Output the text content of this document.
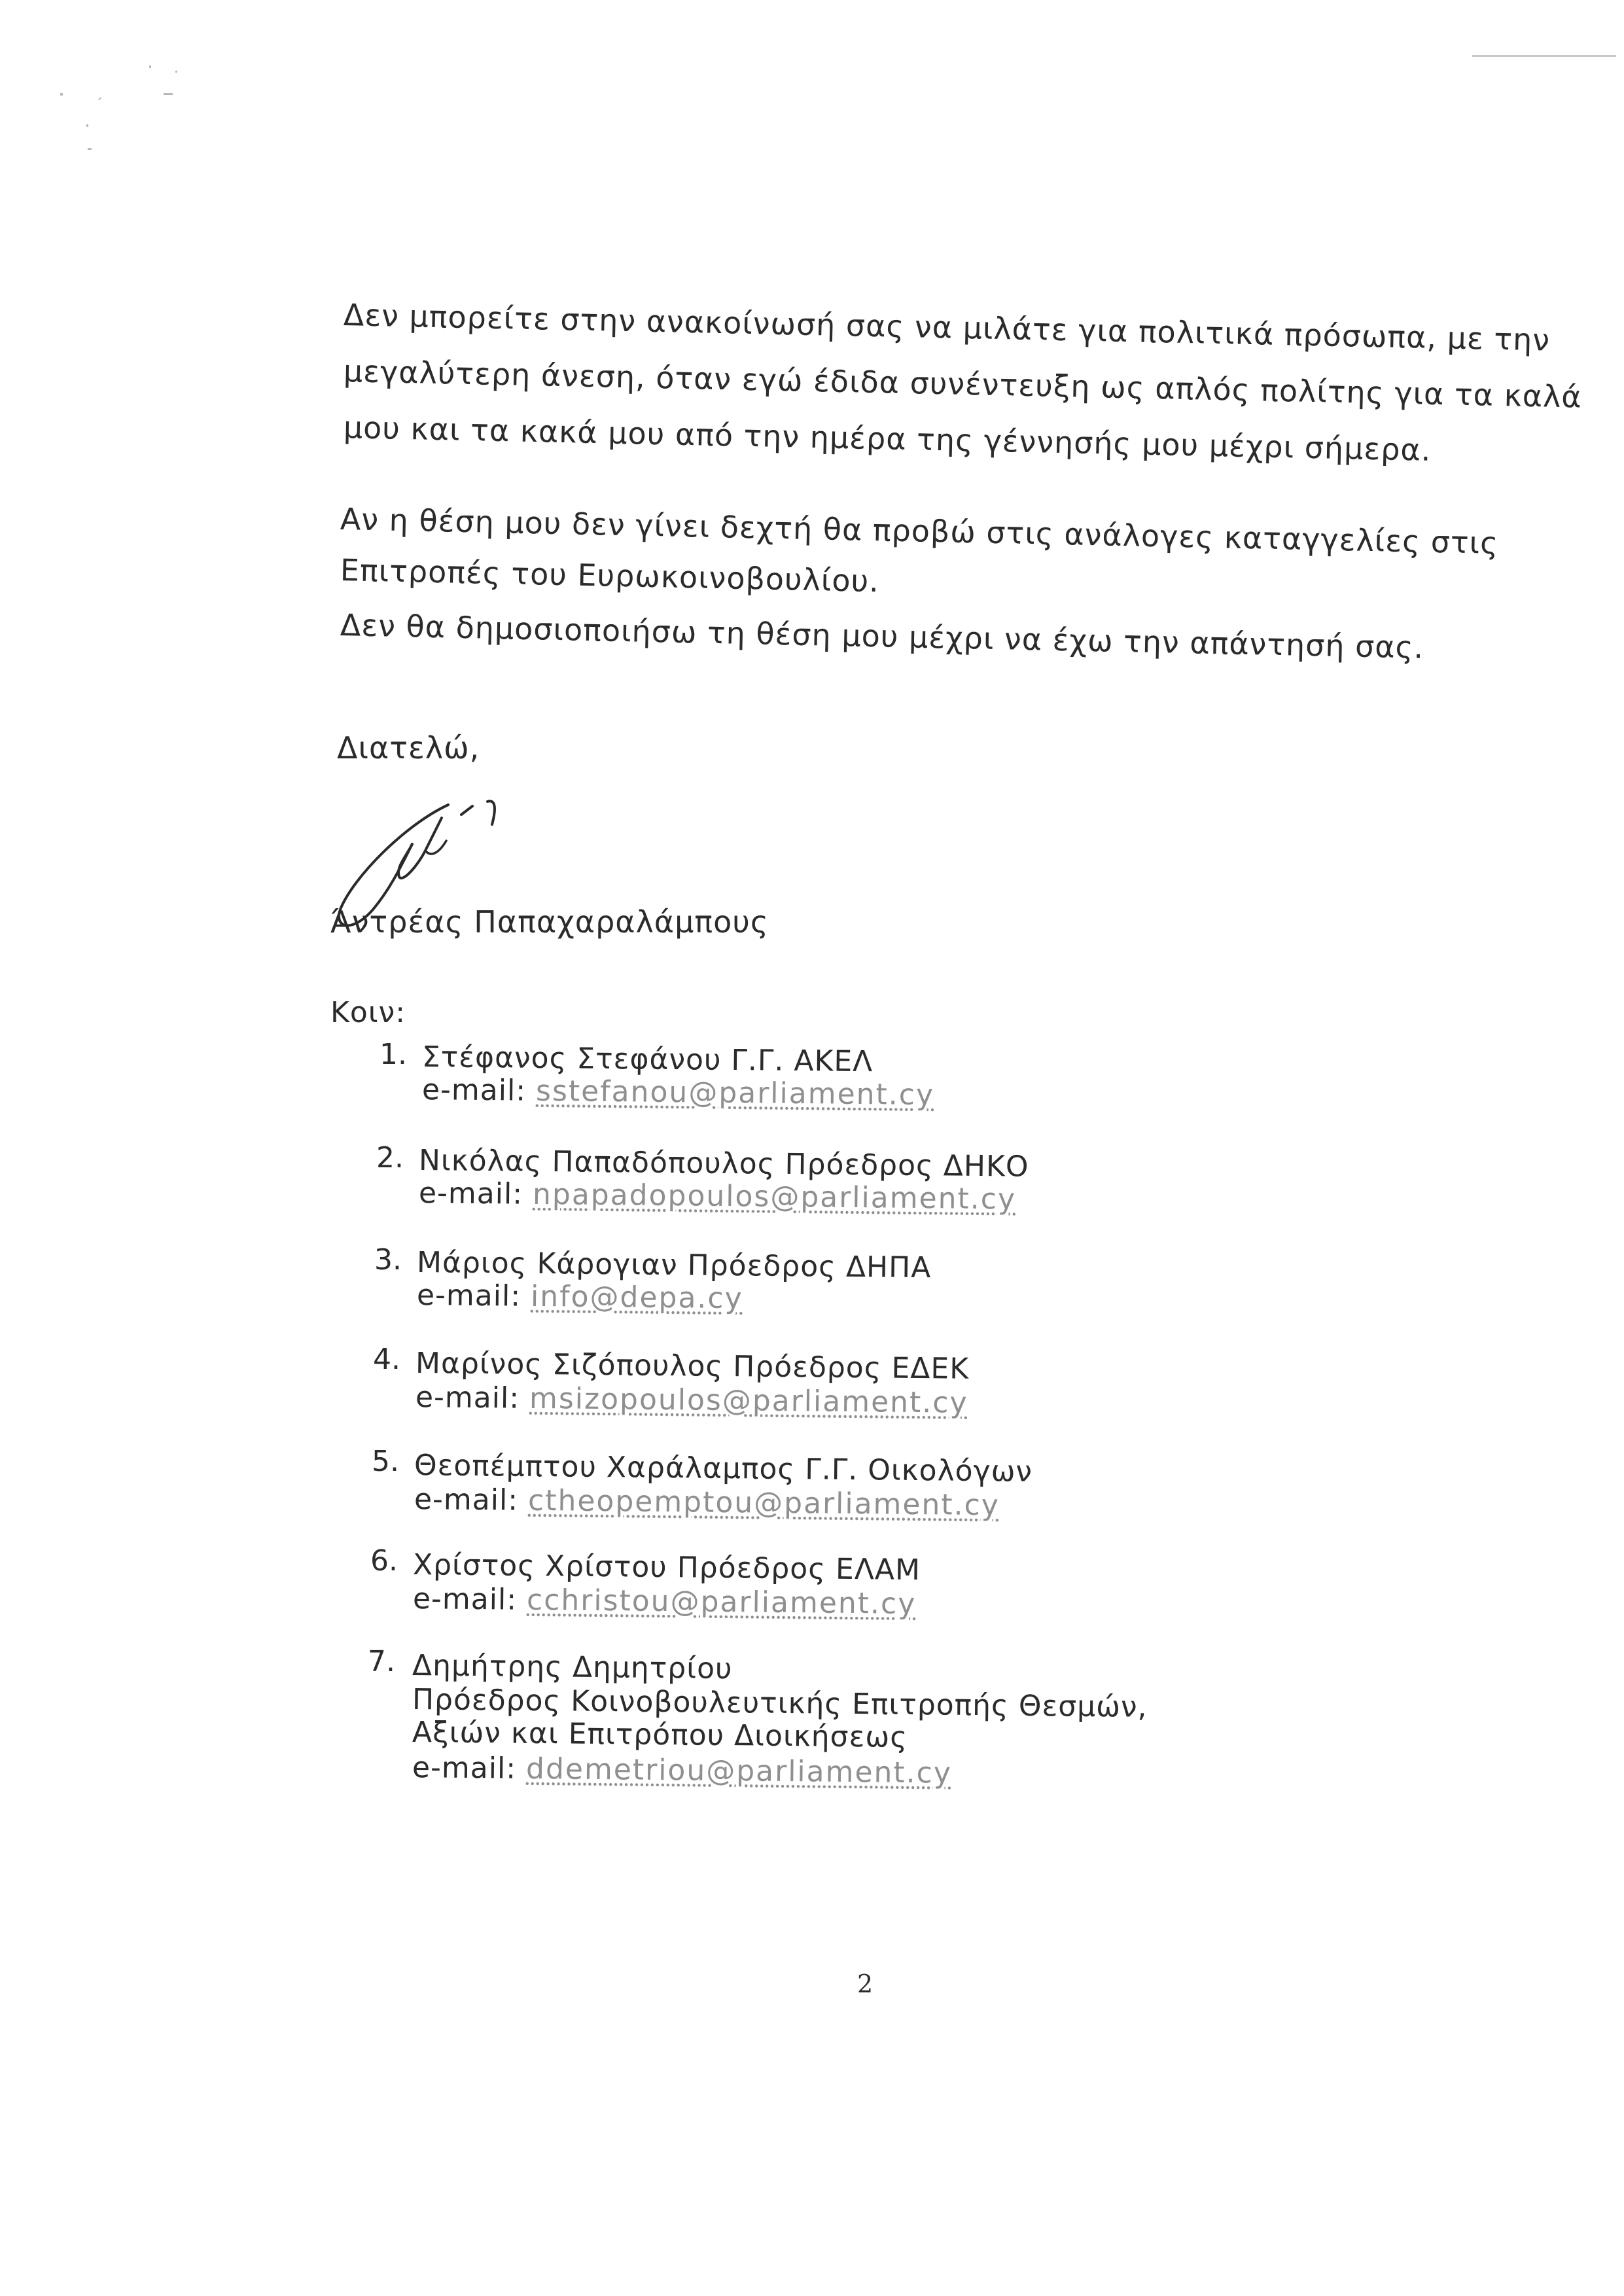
Δεν μπορείτε στην ανακοίνωσή σας να μιλάτε για πολιτικά πρόσωπα, με την
μεγαλύτερη άνεση, όταν εγώ έδιδα συνέντευξη ως απλός πολίτης για τα καλά
μου και τα κακά μου από την ημέρα της γέννησής μου μέχρι σήμερα.
Αν η θέση μου δεν γίνει δεχτή θα προβώ στις ανάλογες καταγγελίες στις
Επιτροπές του Ευρωκοινοβουλίου.
Δεν θα δημοσιοποιήσω τη θέση μου μέχρι να έχω την απάντησή σας.
Διατελώ,
Άντρέας Παπαχαραλάμπους
Κοιν:
1. Στέφανος Στεφάνου Γ.Γ. ΑΚΕΛ
e-mail: sstefanou@parliament.cy
2. Νικόλας Παπαδόπουλος Πρόεδρος ΔΗΚΟ
e-mail: npapadopoulos@parliament.cy
3. Μάριος Κάρογιαν Πρόεδρος ΔΗΠΑ
e-mail: info@depa.cy
4. Μαρίνος Σιζόπουλος Πρόεδρος ΕΔΕΚ
e-mail: msizopoulos@parliament.cy
5. Θεοπέμπτου Χαράλαμπος Γ.Γ. Οικολόγων
e-mail: ctheopemptou@parliament.cy
6. Χρίστος Χρίστου Πρόεδρος ΕΛΑΜ
e-mail: cchristou@parliament.cy
7. Δημήτρης Δημητρίου
Πρόεδρος Κοινοβουλευτικής Επιτροπής Θεσμών,
Αξιών και Επιτρόπου Διοικήσεως
e-mail: ddemetriou@parliament.cy
2
